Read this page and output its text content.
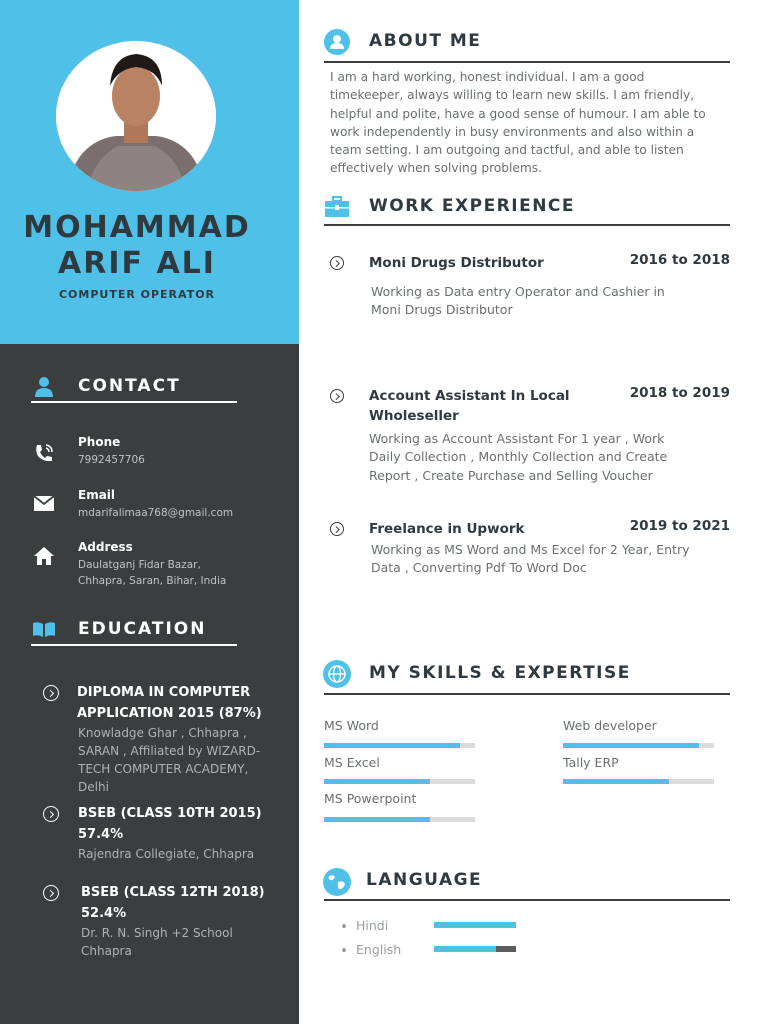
MOHAMMAD
ARIF ALI
COMPUTER OPERATOR
CONTACT
Phone
7992457706
Email
mdarifalimaa768@gmail.com
Address
Daulatganj Fidar Bazar,
Chhapra, Saran, Bihar, India
EDUCATION
DIPLOMA IN COMPUTER
APPLICATION 2015 (87%)
Knowladge Ghar , Chhapra ,
SARAN , Affiliated by WIZARD-
TECH COMPUTER ACADEMY,
Delhi
BSEB (CLASS 10TH 2015)
57.4%
Rajendra Collegiate, Chhapra
BSEB (CLASS 12TH 2018)
52.4%
Dr. R. N. Singh +2 School
Chhapra
ABOUT ME
I am a hard working, honest individual. I am a good
timekeeper, always willing to learn new skills. I am friendly,
helpful and polite, have a good sense of humour. I am able to
work independently in busy environments and also within a
team setting. I am outgoing and tactful, and able to listen
effectively when solving problems.
WORK EXPERIENCE
Moni Drugs Distributor	2016 to 2018
Working as Data entry Operator and Cashier in
Moni Drugs Distributor
Account Assistant In Local
Wholeseller
2018 to 2019
Working as Account Assistant For 1 year , Work
Daily Collection , Monthly Collection and Create
Report , Create Purchase and Selling Voucher
Freelance in Upwork	2019 to 2021
Working as MS Word and Ms Excel for 2 Year, Entry
Data , Converting Pdf To Word Doc
MY SKILLS & EXPERTISE
MS Word
MS Excel
MS Powerpoint
Web developer
Tally ERP
LANGUAGE
Hindi
English
